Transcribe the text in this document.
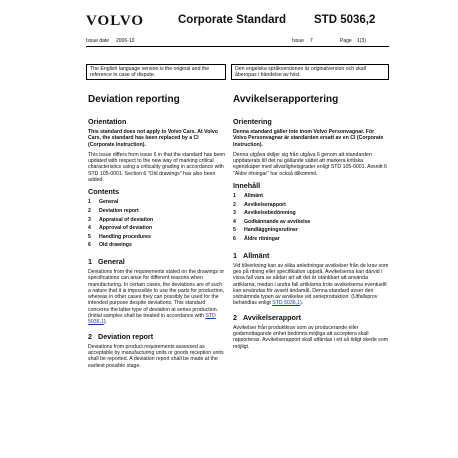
VOLVO	Corporate Standard STD 5036,2
Issue date 2006-10	Issue 7	Page 1(3)
The English language version is the original and the reference in case of dispute.
Den engelska språkversionen är originalversion och skall åberopas i händelse av tvist.
Deviation reporting
Orientation

This standard does not apply to Volvo Cars. At Volvo Cars, the standard has been replaced by a CI (Corporate Instruction).

This issue differs from issue 6 in that the standard has been updated with respect to the new way of marking critical characteristics using a criticality grading in accordance with STD 105-0001. Section 6 "Old drawings" has also been added.

Contents
1 General
2 Deviation report
3 Appraisal of deviation
4 Approval of deviation
5 Handling procedures
6 Old drawings
1 General

Deviations from the requirements stated on the drawings or specifications can arise for different reasons when manufacturing. In certain cases, the deviations are of such a nature that it is impossible to use the parts for production, whereas in other cases they can possibly be used for the intended purpose despite deviations. This standard concerns the latter type of deviation at series production. (Initial samples shall be treated in accordance with STD 5036,1).

2 Deviation report

Deviations from product requirements assessed as acceptable by manufacturing units or goods reception units shall be reported. A deviation report shall be made at the earliest possible stage.

Avvikelserapportering
Orientering

Denna standard gäller inte inom Volvo Personvagnar. För Volvo Personvagnar är standarden ersatt av en CI (Corporate Instruction).

Denna utgåva skiljer sig från utgåva 6 genom att standarden uppdaterats till det nu gällande sättet att markera kritiska egenskaper med allvarlighetsgrader enligt STD 105-0001. Avsnitt 6 "Äldre ritningar" har också tillkommit.

Innehåll
1 Allmänt
2 Avvikelserapport
3 Avvikelsebedömning
4 Godkännande av avvikelse
5 Handläggningsrutiner
6 Äldre ritningar
1 Allmänt

Vid tillverkning kan av olika anledningar avvikelser från de krav som ges på ritning eller specifikation uppstå. Avvikelserna kan därvid i vissa fall vara av sådan art att det är otänkbart att använda artiklarna, medan i andra fall artiklarna trots avvikelserna eventuellt kan användas för avsett ändamål. Denna standard avser den sistnämnda typen av avvikelse vid serieproduktion. (Utfallsprov behandlas enligt STD 5036,1).

2 Avvikelserapport

Avvikelser från produktkrav som av producerande eller godsmottagande enhet bedömts möjliga att acceptera skall rapporteras. Avvikelserapport skall utfärdas i ett så tidigt skede som möjligt.
